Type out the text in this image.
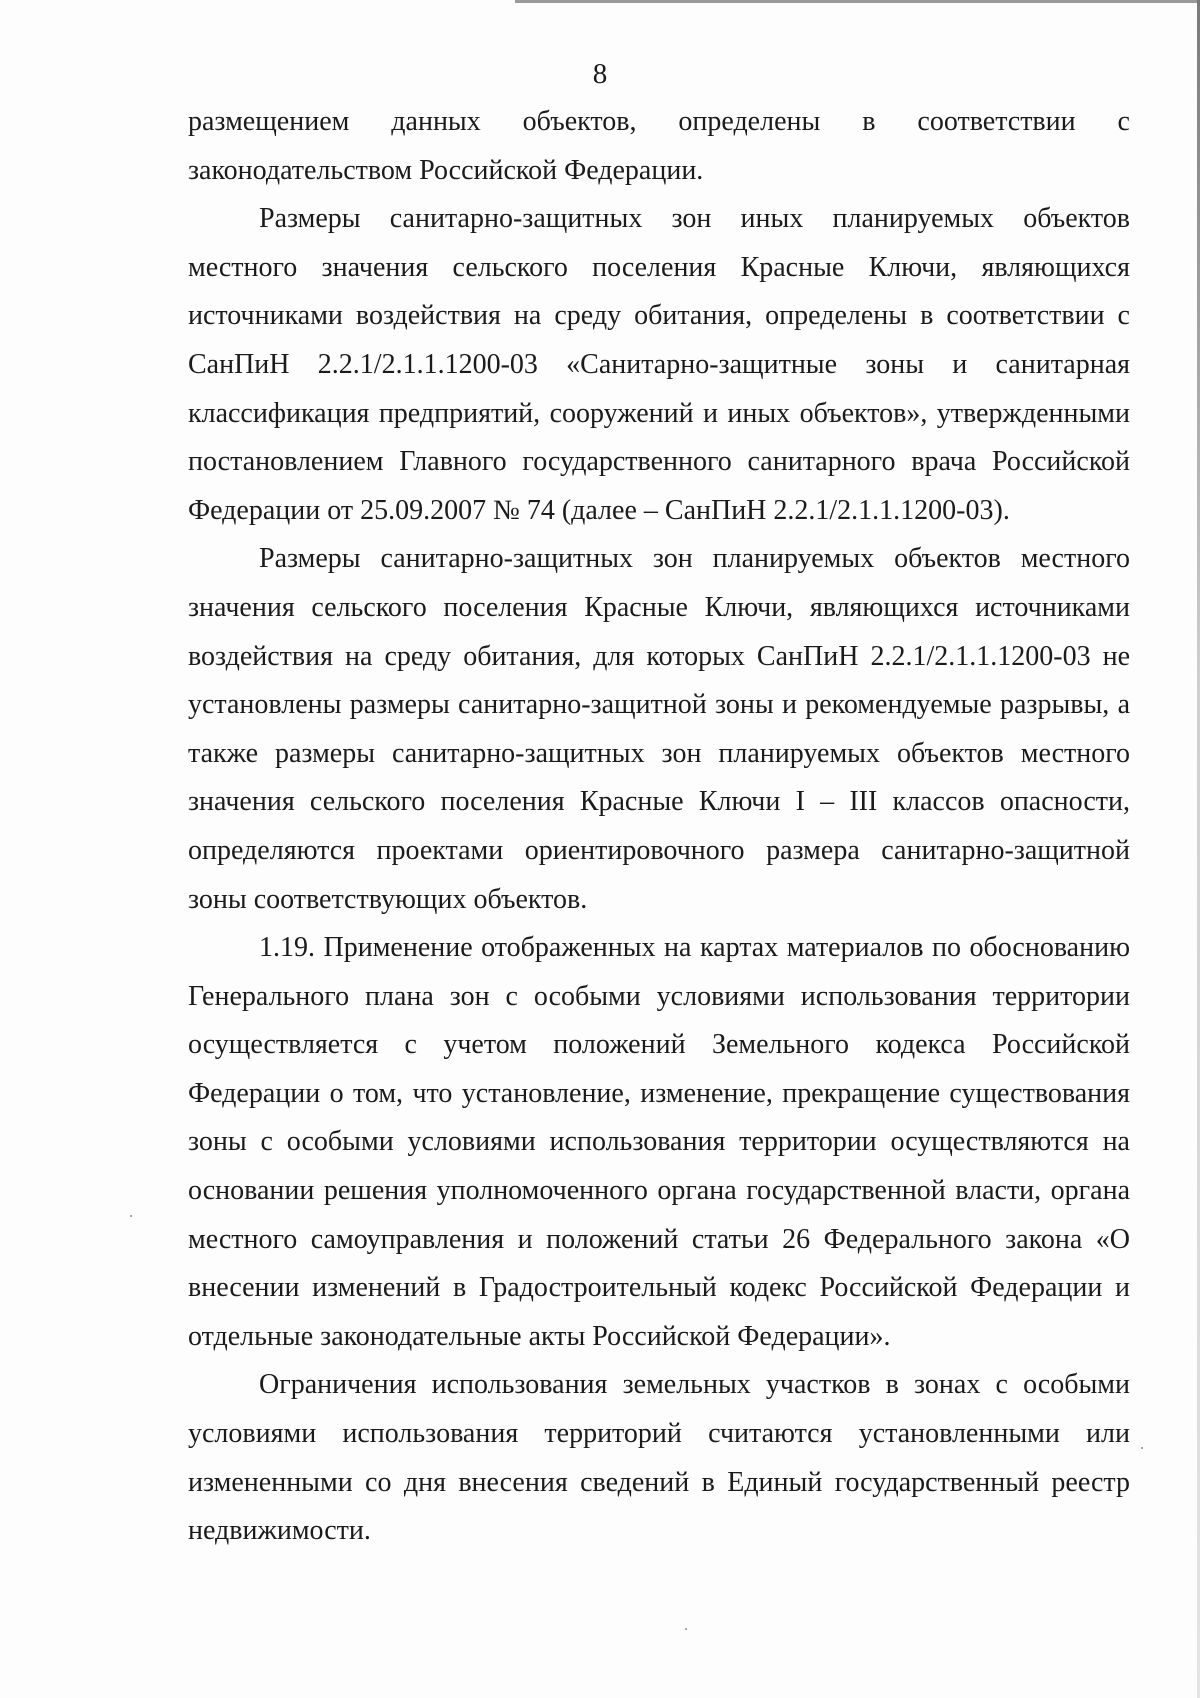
8

размещением данных объектов, определены в соответствии с законодательством Российской Федерации.

Размеры санитарно-защитных зон иных планируемых объектов местного значения сельского поселения Красные Ключи, являющихся источниками воздействия на среду обитания, определены в соответствии с СанПиН 2.2.1/2.1.1.1200-03 «Санитарно-защитные зоны и санитарная классификация предприятий, сооружений и иных объектов», утвержденными постановлением Главного государственного санитарного врача Российской Федерации от 25.09.2007 № 74 (далее – СанПиН 2.2.1/2.1.1.1200-03).

Размеры санитарно-защитных зон планируемых объектов местного значения сельского поселения Красные Ключи, являющихся источниками воздействия на среду обитания, для которых СанПиН 2.2.1/2.1.1.1200-03 не установлены размеры санитарно-защитной зоны и рекомендуемые разрывы, а также размеры санитарно-защитных зон планируемых объектов местного значения сельского поселения Красные Ключи I – III классов опасности, определяются проектами ориентировочного размера санитарно-защитной зоны соответствующих объектов.

1.19. Применение отображенных на картах материалов по обоснованию Генерального плана зон с особыми условиями использования территории осуществляется с учетом положений Земельного кодекса Российской Федерации о том, что установление, изменение, прекращение существования зоны с особыми условиями использования территории осуществляются на основании решения уполномоченного органа государственной власти, органа местного самоуправления и положений статьи 26 Федерального закона «О внесении изменений в Градостроительный кодекс Российской Федерации и отдельные законодательные акты Российской Федерации».

Ограничения использования земельных участков в зонах с особыми условиями использования территорий считаются установленными или измененными со дня внесения сведений в Единый государственный реестр недвижимости.
